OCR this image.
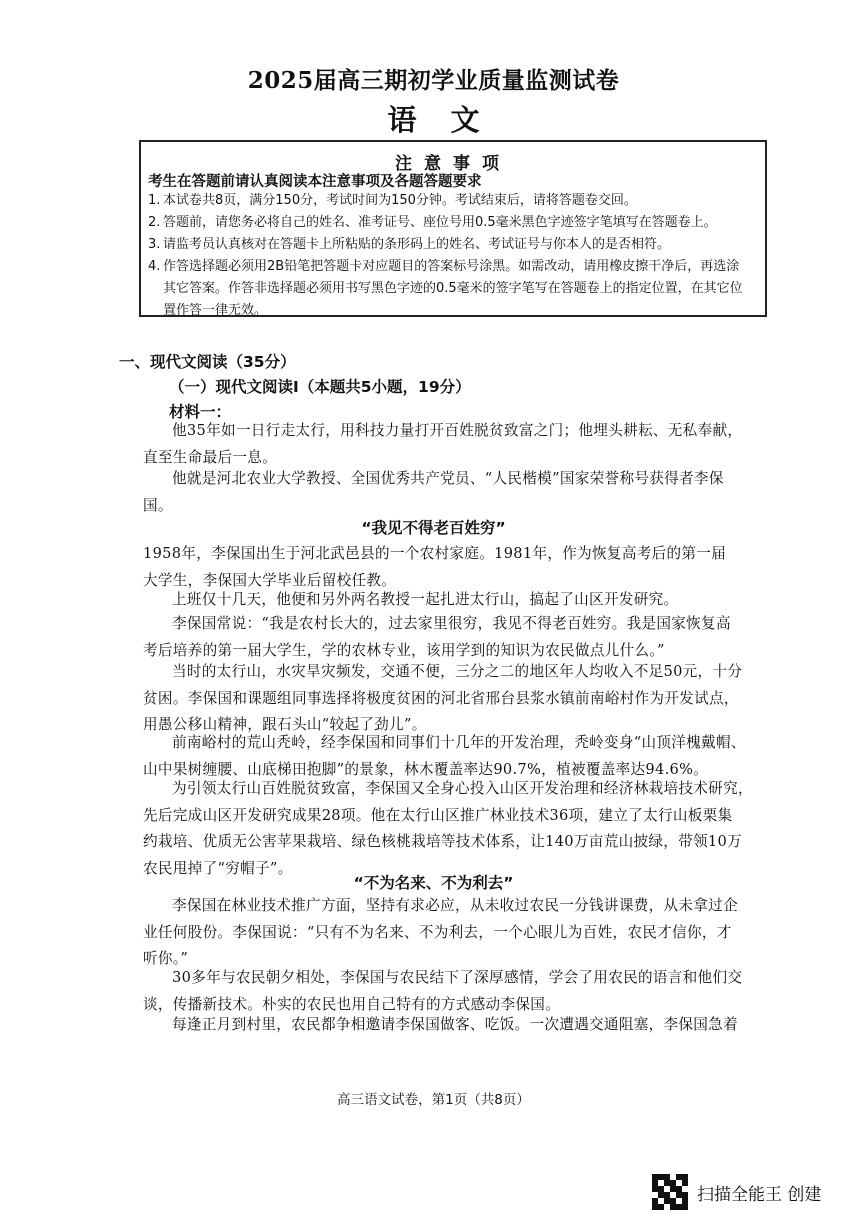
2025届高三期初学业质量监测试卷
语文
注意事项
考生在答题前请认真阅读本注意事项及各题答题要求
1. 本试卷共8页，满分150分，考试时间为150分钟。考试结束后，请将答题卷交回。
2. 答题前，请您务必将自己的姓名、准考证号、座位号用0.5毫米黑色字迹签字笔填写在答题卷上。
3. 请监考员认真核对在答题卡上所粘贴的条形码上的姓名、考试证号与你本人的是否相符。
4. 作答选择题必须用2B铅笔把答题卡对应题目的答案标号涂黑。如需改动，请用橡皮擦干净后，再选涂
其它答案。作答非选择题必须用书写黑色字迹的0.5毫米的签字笔写在答题卷上的指定位置，在其它位
置作答一律无效。
一、现代文阅读（35分）
（一）现代文阅读Ⅰ（本题共5小题，19分）
材料一：
他35年如一日行走太行，用科技力量打开百姓脱贫致富之门；他埋头耕耘、无私奉献，
直至生命最后一息。
他就是河北农业大学教授、全国优秀共产党员、“人民楷模”国家荣誉称号获得者李保
国。
“我见不得老百姓穷”
1958年，李保国出生于河北武邑县的一个农村家庭。1981年，作为恢复高考后的第一届
大学生，李保国大学毕业后留校任教。
上班仅十几天，他便和另外两名教授一起扎进太行山，搞起了山区开发研究。
李保国常说：“我是农村长大的，过去家里很穷，我见不得老百姓穷。我是国家恢复高
考后培养的第一届大学生，学的农林专业，该用学到的知识为农民做点儿什么。”
当时的太行山，水灾旱灾频发，交通不便，三分之二的地区年人均收入不足50元，十分
贫困。李保国和课题组同事选择将极度贫困的河北省邢台县浆水镇前南峪村作为开发试点，
用愚公移山精神，跟石头山“较起了劲儿”。
前南峪村的荒山秃岭，经李保国和同事们十几年的开发治理，秃岭变身“山顶洋槐戴帽、
山中果树缠腰、山底梯田抱脚”的景象，林木覆盖率达90.7%，植被覆盖率达94.6%。
为引领太行山百姓脱贫致富，李保国又全身心投入山区开发治理和经济林栽培技术研究，
先后完成山区开发研究成果28项。他在太行山区推广林业技术36项，建立了太行山板栗集
约栽培、优质无公害苹果栽培、绿色核桃栽培等技术体系，让140万亩荒山披绿，带领10万
农民甩掉了“穷帽子”。
“不为名来、不为利去”
李保国在林业技术推广方面，坚持有求必应，从未收过农民一分钱讲课费，从未拿过企
业任何股份。李保国说：“只有不为名来、不为利去，一个心眼儿为百姓，农民才信你，才
听你。”
30多年与农民朝夕相处，李保国与农民结下了深厚感情，学会了用农民的语言和他们交
谈，传播新技术。朴实的农民也用自己特有的方式感动李保国。
每逢正月到村里，农民都争相邀请李保国做客、吃饭。一次遭遇交通阻塞，李保国急着
高三语文试卷，第1页（共8页）
扫描全能王 创建
